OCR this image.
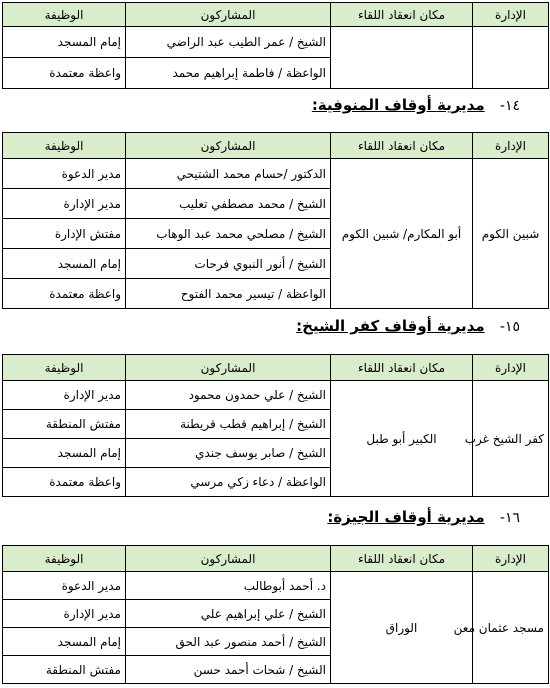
الإدارة	مكان انعقاد اللقاء	المشاركون	الوظيفة
		الشيخ / عمر الطيب عبد الراضي	إمام المسجد
		الواعظة / فاطمة إبراهيم محمد	واعظة معتمدة
١٤- مديرية أوقاف المنوفية:
الإدارة	مكان انعقاد اللقاء	المشاركون	الوظيفة
شبين الكوم	أبو المكارم/ شبين الكوم	الدكتور /حسام محمد الشتيحي	مدير الدعوة
		الشيخ / محمد مصطفي تعليب	مدير الإدارة
		الشيخ / مصلحي محمد عبد الوهاب	مفتش الإدارة
		الشيخ / أنور النبوي فرحات	إمام المسجد
		الواعظة / تيسير محمد الفتوح	واعظة معتمدة
١٥- مديرية أوقاف كفر الشيخ:
الإدارة	مكان انعقاد اللقاء	المشاركون	الوظيفة
كفر الشيخ غرب	الكبير أبو طبل	الشيخ / علي حمدون محمود	مدير الإدارة
		الشيخ / إبراهيم قطب قريطنة	مفتش المنطقة
		الشيخ / صابر يوسف جندي	إمام المسجد
		الواعظة / دعاء زكي مرسي	واعظة معتمدة
١٦- مديرية أوقاف الجيزة:
الإدارة	مكان انعقاد اللقاء	المشاركون	الوظيفة
مسجد عثمان معن	الوراق	د. أحمد أبوطالب	مدير الدعوة
		الشيخ / علي إبراهيم علي	مدير الإدارة
		الشيخ / أحمد منصور عبد الحق	إمام المسجد
		الشيخ / شحات أحمد حسن	مفتش المنطقة
